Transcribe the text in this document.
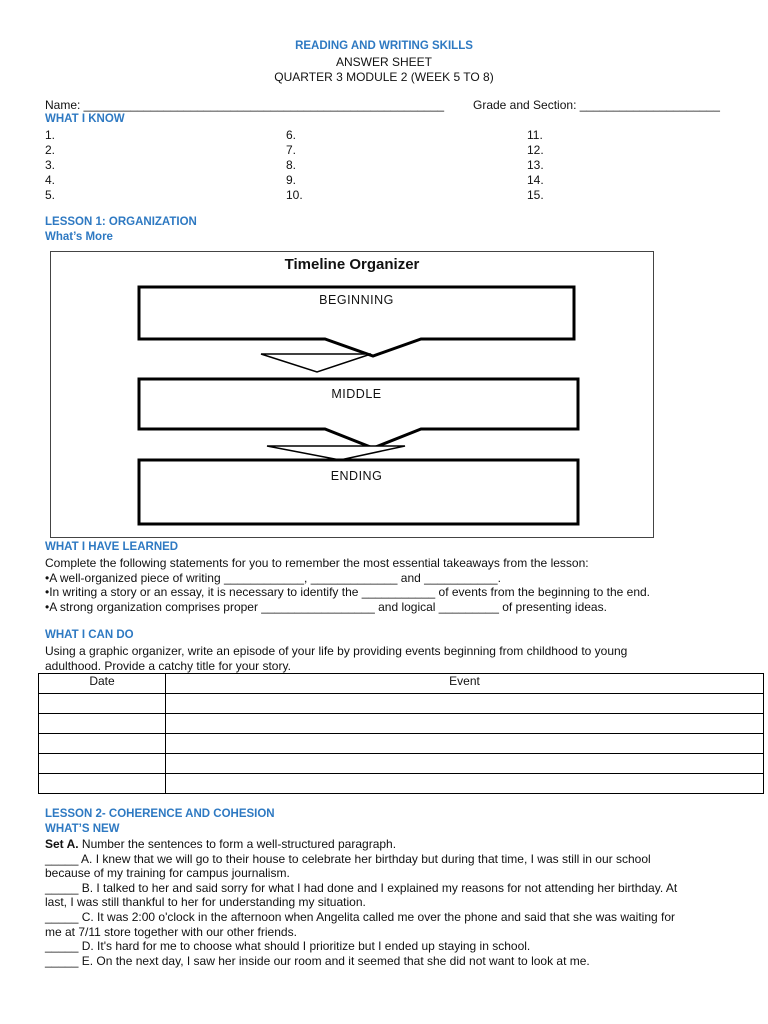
READING AND WRITING SKILLS
ANSWER SHEET
QUARTER 3 MODULE 2 (WEEK 5 TO 8)
Name: ______________________________________________________ Grade and Section: _____________________
WHAT I KNOW
1.
2.
3.
4.
5.
6.
7.
8.
9.
10.
11.
12.
13.
14.
15.
LESSON 1: ORGANIZATION
What’s More
Timeline Organizer
BEGINNING
MIDDLE
ENDING
WHAT I HAVE LEARNED
Complete the following statements for you to remember the most essential takeaways from the lesson:
•A well-organized piece of writing ____________, _____________ and ___________.
•In writing a story or an essay, it is necessary to identify the ___________ of events from the beginning to the end.
•A strong organization comprises proper _________________ and logical _________ of presenting ideas.
WHAT I CAN DO
Using a graphic organizer, write an episode of your life by providing events beginning from childhood to young
adulthood. Provide a catchy title for your story.
Date	Event

LESSON 2- COHERENCE AND COHESION
WHAT’S NEW
Set A. Number the sentences to form a well-structured paragraph.
_____ A. I knew that we will go to their house to celebrate her birthday but during that time, I was still in our school
because of my training for campus journalism.
_____ B. I talked to her and said sorry for what I had done and I explained my reasons for not attending her birthday. At
last, I was still thankful to her for understanding my situation.
_____ C. It was 2:00 o'clock in the afternoon when Angelita called me over the phone and said that she was waiting for
me at 7/11 store together with our other friends.
_____ D. It's hard for me to choose what should I prioritize but I ended up staying in school.
_____ E. On the next day, I saw her inside our room and it seemed that she did not want to look at me.
